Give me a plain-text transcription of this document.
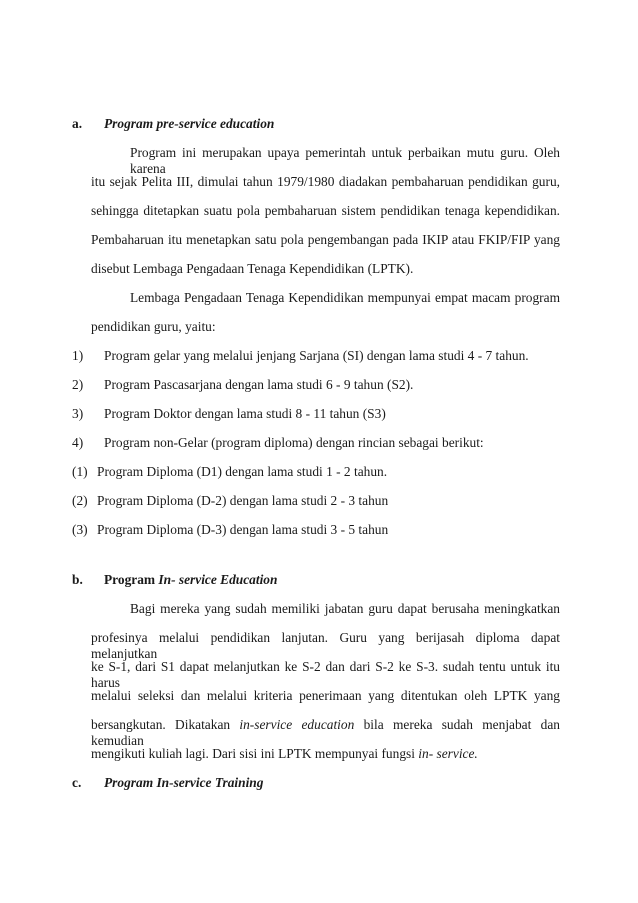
a. Program pre-service education
Program ini merupakan upaya pemerintah untuk perbaikan mutu guru. Oleh karena
itu sejak Pelita III, dimulai tahun 1979/1980 diadakan pembaharuan pendidikan guru,
sehingga ditetapkan suatu pola pembaharuan sistem pendidikan tenaga kependidikan.
Pembaharuan itu menetapkan satu pola pengembangan pada IKIP atau FKIP/FIP yang
disebut Lembaga Pengadaan Tenaga Kependidikan (LPTK).
Lembaga Pengadaan Tenaga Kependidikan mempunyai empat macam program
pendidikan guru, yaitu:
1) Program gelar yang melalui jenjang Sarjana (SI) dengan lama studi 4 - 7 tahun.
2) Program Pascasarjana dengan lama studi 6 - 9 tahun (S2).
3) Program Doktor dengan lama studi 8 - 11 tahun (S3)
4) Program non-Gelar (program diploma) dengan rincian sebagai berikut:
(1) Program Diploma (D1) dengan lama studi 1 - 2 tahun.
(2) Program Diploma (D-2) dengan lama studi 2 - 3 tahun
(3) Program Diploma (D-3) dengan lama studi 3 - 5 tahun
b. Program In- service Education
Bagi mereka yang sudah memiliki jabatan guru dapat berusaha meningkatkan
profesinya melalui pendidikan lanjutan. Guru yang berijasah diploma dapat melanjutkan
ke S-1, dari S1 dapat melanjutkan ke S-2 dan dari S-2 ke S-3. sudah tentu untuk itu harus
melalui seleksi dan melalui kriteria penerimaan yang ditentukan oleh LPTK yang
bersangkutan. Dikatakan in-service education bila mereka sudah menjabat dan kemudian
mengikuti kuliah lagi. Dari sisi ini LPTK mempunyai fungsi in- service.
c. Program In-service Training
